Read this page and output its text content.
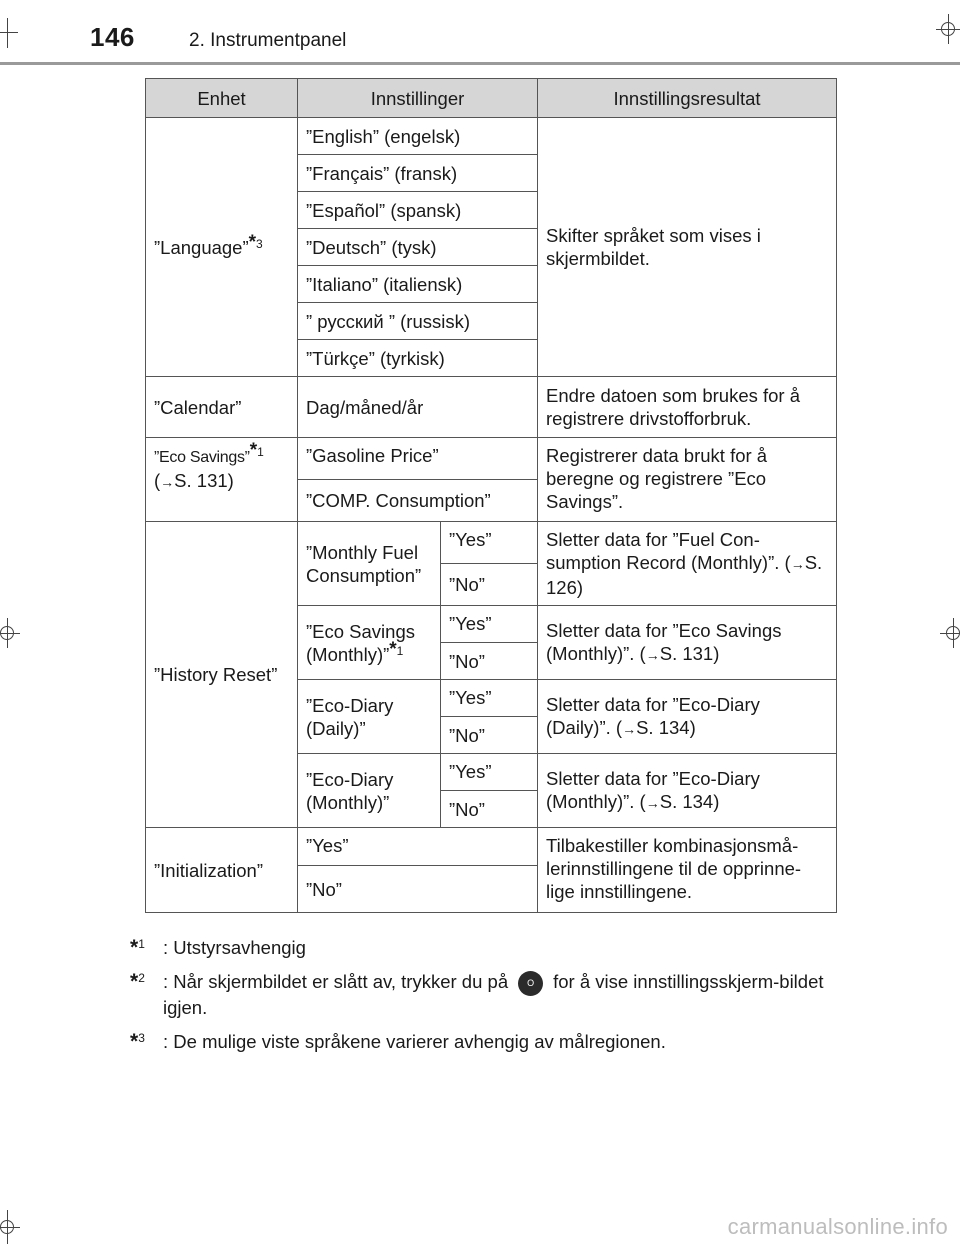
146	2. Instrumentpanel
Enhet	Innstillinger		Innstillingsresultat
”Language”$^{*3}$	”English” (engelsk)		Skifter språket som vises i skjermbildet.
	”Français” (fransk)		
	”Español” (spansk)		
	”Deutsch” (tysk)		
	”Italiano” (italiensk)		
	” русский ” (russisk)		
	”Türkçe” (tyrkisk)		
”Calendar”	Dag/måned/år		Endre datoen som brukes for å registrere drivstofforbruk.
”Eco Savings”$^{*1}$
(→S. 131)	”Gasoline Price”		Registrerer data brukt for å beregne og registrere ”Eco Savings”.
	”COMP. Consumption”		
”History Reset”	”Monthly Fuel Consumption”	”Yes”	Sletter data for ”Fuel Con-sumption Record (Monthly)”. (→S. 126)
		”No”	
	”Eco Savings (Monthly)”$^{*1}$	”Yes”	Sletter data for ”Eco Savings (Monthly)”. (→S. 131)
		”No”	
	”Eco-Diary (Daily)”	”Yes”	Sletter data for ”Eco-Diary (Daily)”. (→S. 134)
		”No”	
	”Eco-Diary (Monthly)”	”Yes”	Sletter data for ”Eco-Diary (Monthly)”. (→S. 134)
		”No”	
”Initialization”	”Yes”		Tilbakestiller kombinasjonsmå-lerinnstillingene til de opprinne-lige innstillingene.
	”No”		
*$^1$ : Utstyrsavhengig
*$^2$ : Når skjermbildet er slått av, trykker du på O for å vise innstillingsskjerm-bildet igjen.
*$^3$ : De mulige viste språkene varierer avhengig av målregionen.
carmanualsonline.info
